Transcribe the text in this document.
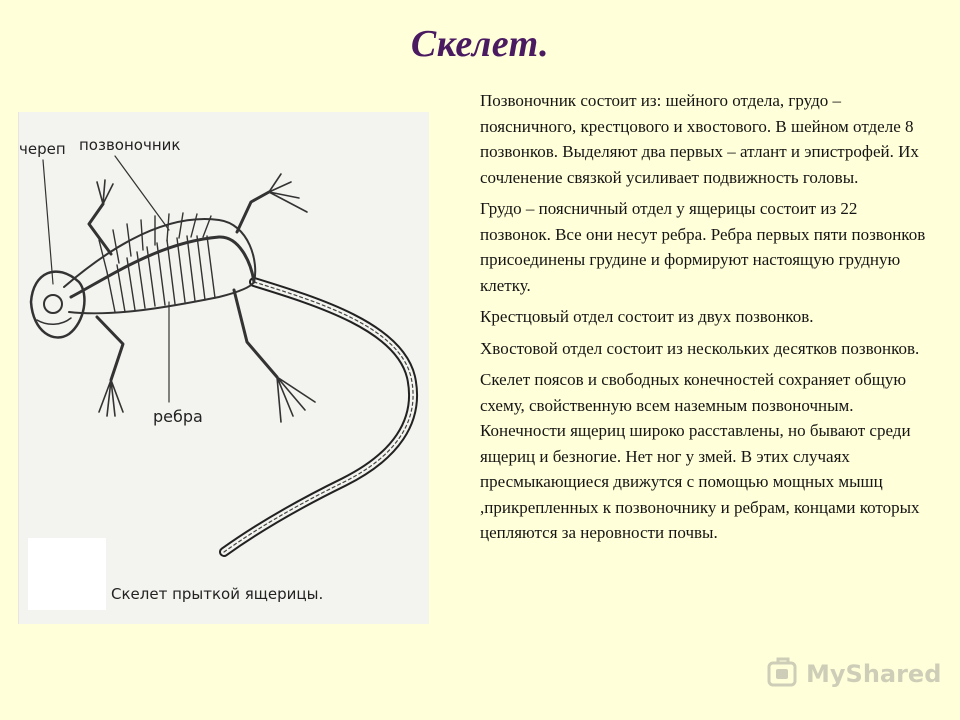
Скелет.
череп позвоночник
ребра
Скелет прыткой ящерицы.

Позвоночник состоит из: шейного отдела, грудо – поясничного, крестцового и хвостового. В шейном отделе 8 позвонков. Выделяют два первых – атлант и эпистрофей. Их сочленение связкой усиливает подвижность головы.

Грудо – поясничный отдел у ящерицы состоит из 22 позвонок. Все они несут ребра. Ребра первых пяти позвонков присоединены грудине и формируют настоящую грудную клетку.

Крестцовый отдел состоит из двух позвонков.

Хвостовой отдел состоит из нескольких десятков позвонков.

Скелет поясов и свободных конечностей сохраняет общую схему, свойственную всем наземным позвоночным. Конечности ящериц широко расставлены, но бывают среди ящериц и безногие. Нет ног у змей. В этих случаях пресмыкающиеся движутся с помощью мощных мышц ,прикрепленных к позвоночнику и ребрам, концами которых цепляются за неровности почвы.

MyShared
